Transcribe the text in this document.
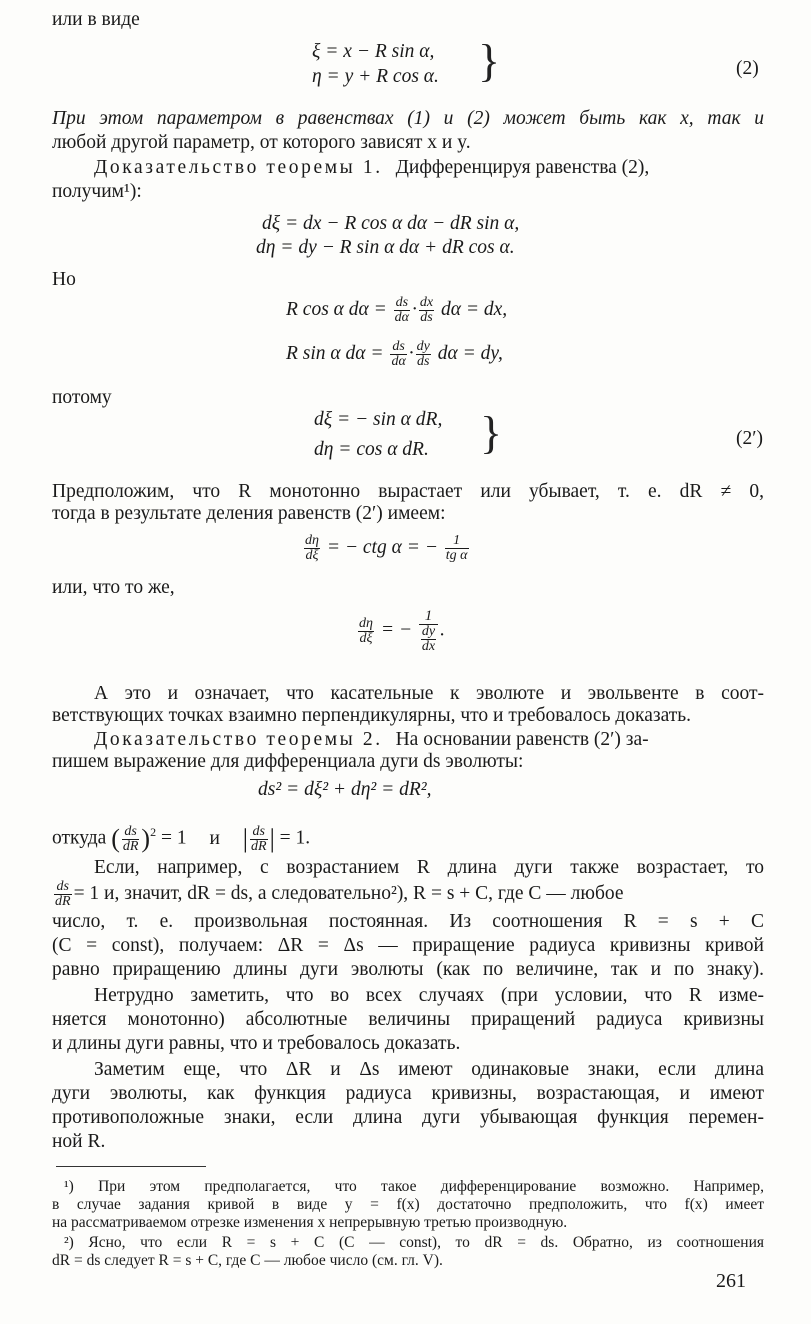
или в виде
ξ = x − R sin α,
η = y + R cos α. }	(2)
При этом параметром в равенствах (1) и (2) может быть как x, так и
любой другой параметр, от которого зависят x и y.
Доказательство теоремы 1. Дифференцируя равенства (2),
получим¹):
dξ = dx − R cos α dα − dR sin α,
dη = dy − R sin α dα + dR cos α.
Но
R cos α $d\alpha = \frac{ds}{d\alpha} \cdot \frac{dx}{ds}$ dα = dx,
R sin α $d\alpha = \frac{ds}{d\alpha} \cdot \frac{dy}{ds}$ dα = dy,
потому
dξ = − sin α dR,
dη = cos α dR. }	(2′)
Предположим, что R монотонно вырастает или убывает, т. е. dR ≠ 0,
тогда в результате деления равенств (2′) имеем:
$\frac{d\eta}{d\xi}$ = − ctg α = − $\frac{1}{\text{tg α}}$
или, что то же,
$\frac{d\eta}{d\xi}$ = − 1
dy
dx .
А это и означает, что касательные к эволюте и эвольвенте в соот-
ветствующих точках взаимно перпендикулярны, что и требовалось доказать.
Доказательство теоремы 2. На основании равенств (2′) за-
пишем выражение для дифференциала дуги ds эволюты:
ds² = dξ² + dη² = dR²,
откуда ( $\frac{ds}{dR} )^2 = 1$ и | $\frac{ds}{dR}$ | = 1.
Если, например, с возрастанием R длина дуги также возрастает, то
$\frac{ds}{dR} = 1$ и, значит, dR = ds, а следовательно²), R = s + C, где C — любое
число, т. е. произвольная постоянная. Из соотношения R = s + C
(C = const), получаем: ΔR = Δs — приращение радиуса кривизны кривой
равно приращению длины дуги эволюты (как по величине, так и по знаку).
Нетрудно заметить, что во всех случаях (при условии, что R изме-
няется монотонно) абсолютные величины приращений радиуса кривизны
и длины дуги равны, что и требовалось доказать.
Заметим еще, что ΔR и Δs имеют одинаковые знаки, если длина
дуги эволюты, как функция радиуса кривизны, возрастающая, и имеют
противоположные знаки, если длина дуги убывающая функция перемен-
ной R.
¹) При этом предполагается, что такое дифференцирование возможно. Например,
в случае задания кривой в виде y = f(x) достаточно предположить, что f(x) имеет
на рассматриваемом отрезке изменения x непрерывную третью производную.
²) Ясно, что если R = s + C (C — const), то dR = ds. Обратно, из соотношения
dR = ds следует R = s + C, где C — любое число (см. гл. V).
261
